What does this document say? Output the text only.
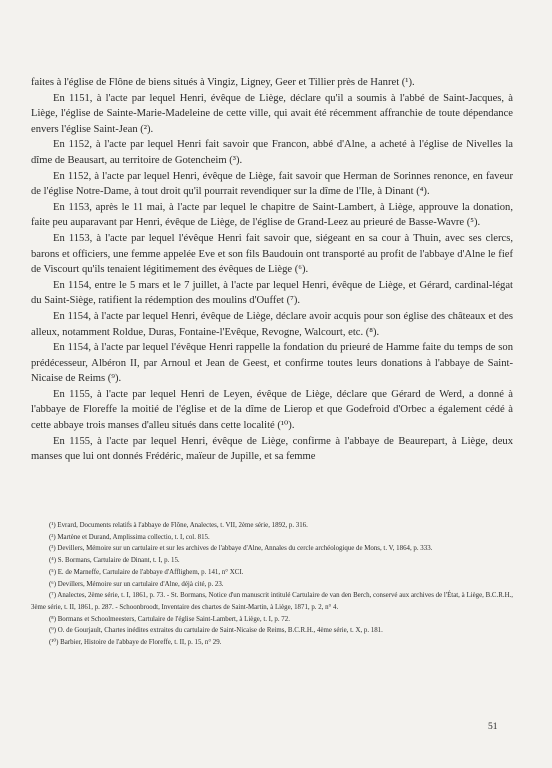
faites à l'église de Flône de biens situés à Vingiz, Ligney, Geer et Tillier près de Hanret (¹).

En 1151, à l'acte par lequel Henri, évêque de Liège, déclare qu'il a soumis à l'abbé de Saint-Jacques, à Liège, l'église de Sainte-Marie-Madeleine de cette ville, qui avait été récemment affranchie de toute dépendance envers l'église Saint-Jean (²).

En 1152, à l'acte par lequel Henri fait savoir que Francon, abbé d'Alne, a acheté à l'église de Nivelles la dîme de Beausart, au territoire de Gotencheim (³).

En 1152, à l'acte par lequel Henri, évêque de Liège, fait savoir que Herman de Sorinnes renonce, en faveur de l'église Notre-Dame, à tout droit qu'il pourrait revendiquer sur la dîme de l'Ile, à Dinant (⁴).

En 1153, après le 11 mai, à l'acte par lequel le chapitre de Saint-Lambert, à Liège, approuve la donation, faite peu auparavant par Henri, évêque de Liège, de l'église de Grand-Leez au prieuré de Basse-Wavre (⁵).

En 1153, à l'acte par lequel l'évêque Henri fait savoir que, siégeant en sa cour à Thuin, avec ses clercs, barons et officiers, une femme appelée Eve et son fils Baudouin ont transporté au profit de l'abbaye d'Alne le fief de Viscourt qu'ils tenaient légitimement des évêques de Liège (⁶).

En 1154, entre le 5 mars et le 7 juillet, à l'acte par lequel Henri, évêque de Liège, et Gérard, cardinal-légat du Saint-Siège, ratifient la rédemption des moulins d'Ouffet (⁷).

En 1154, à l'acte par lequel Henri, évêque de Liège, déclare avoir acquis pour son église des châteaux et des alleux, notamment Roldue, Duras, Fontaine-l'Evêque, Revogne, Walcourt, etc. (⁸).

En 1154, à l'acte par lequel l'évêque Henri rappelle la fondation du prieuré de Hamme faite du temps de son prédécesseur, Albéron II, par Arnoul et Jean de Geest, et confirme toutes leurs donations à l'abbaye de Saint-Nicaise de Reims (⁹).

En 1155, à l'acte par lequel Henri de Leyen, évêque de Liège, déclare que Gérard de Werd, a donné à l'abbaye de Floreffe la moitié de l'église et de la dîme de Lierop et que Godefroid d'Orbec a également cédé à cette abbaye trois manses d'alleu situés dans cette localité (¹⁰).

En 1155, à l'acte par lequel Henri, évêque de Liège, confirme à l'abbaye de Beaurepart, à Liège, deux manses que lui ont donnés Frédéric, maïeur de Jupille, et sa femme

(¹) Evrard, Documents relatifs à l'abbaye de Flône, Analectes, t. VII, 2ème série, 1892, p. 316.

(²) Martène et Durand, Amplissima collectio, t. I, col. 815.

(³) Devillers, Mémoire sur un cartulaire et sur les archives de l'abbaye d'Alne, Annales du cercle archéologique de Mons, t. V, 1864, p. 333.

(⁴) S. Bormans, Cartulaire de Dinant, t. I, p. 15.

(⁵) E. de Marneffe, Cartulaire de l'abbaye d'Afflighem, p. 141, n° XCI.

(⁶) Devillers, Mémoire sur un cartulaire d'Alne, déjà cité, p. 23.

(⁷) Analectes, 2ème série, t. I, 1861, p. 73. - St. Bormans, Notice d'un manuscrit intitulé Cartulaire de van den Berch, conservé aux archives de l'État, à Liège, B.C.R.H., 3ème série, t. II, 1861, p. 287. - Schoonbroodt, Inventaire des chartes de Saint-Martin, à Liège, 1871, p. 2, n° 4.

(⁸) Bormans et Schoolmeesters, Cartulaire de l'église Saint-Lambert, à Liège, t. I, p. 72.

(⁹) O. de Gourjault, Chartes inédites extraites du cartulaire de Saint-Nicaise de Reims, B.C.R.H., 4ème série, t. X, p. 181.

(¹⁰) Barbier, Histoire de l'abbaye de Floreffe, t. II, p. 15, n° 29.

51
